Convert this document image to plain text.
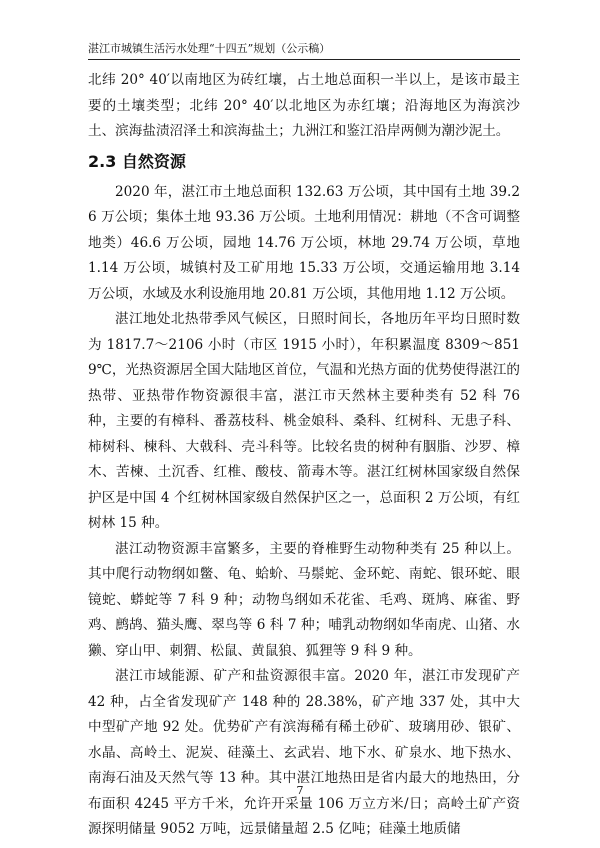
湛江市城镇生活污水处理“十四五”规划（公示稿）

北纬 20° 40′以南地区为砖红壤，占土地总面积一半以上，是该市最主要的土壤类型；北纬 20° 40′以北地区为赤红壤；沿海地区为海滨沙土、滨海盐渍沼泽土和滨海盐土；九洲江和鉴江沿岸两侧为潮沙泥土。

2.3 自然资源

2020 年，湛江市土地总面积 132.63 万公顷，其中国有土地 39.26 万公顷；集体土地 93.36 万公顷。土地利用情况：耕地（不含可调整地类）46.6 万公顷，园地 14.76 万公顷，林地 29.74 万公顷，草地 1.14 万公顷，城镇村及工矿用地 15.33 万公顷，交通运输用地 3.14 万公顷，水域及水利设施用地 20.81 万公顷，其他用地 1.12 万公顷。

湛江地处北热带季风气候区，日照时间长，各地历年平均日照时数为 1817.7～2106 小时（市区 1915 小时），年积累温度 8309～8519℃，光热资源居全国大陆地区首位，气温和光热方面的优势使得湛江的热带、亚热带作物资源很丰富，湛江市天然林主要种类有 52 科 76 种，主要的有樟科、番荔枝科、桃金娘科、桑科、红树科、无患子科、柿树科、楝科、大戟科、壳斗科等。比较名贵的树种有胭脂、沙罗、樟木、苦楝、土沉香、红椎、酸枝、箭毒木等。湛江红树林国家级自然保护区是中国 4 个红树林国家级自然保护区之一，总面积 2 万公顷，有红树林 15 种。

湛江动物资源丰富繁多，主要的脊椎野生动物种类有 25 种以上。其中爬行动物纲如鳖、龟、蛤蚧、马鬃蛇、金环蛇、南蛇、银环蛇、眼镜蛇、蟒蛇等 7 科 9 种；动物鸟纲如禾花雀、毛鸡、斑鸠、麻雀、野鸡、鹧鸪、猫头鹰、翠鸟等 6 科 7 种；哺乳动物纲如华南虎、山猪、水獭、穿山甲、刺猬、松鼠、黄鼠狼、狐狸等 9 科 9 种。

湛江市域能源、矿产和盐资源很丰富。2020 年，湛江市发现矿产 42 种，占全省发现矿产 148 种的 28.38%，矿产地 337 处，其中大中型矿产地 92 处。优势矿产有滨海稀有稀土砂矿、玻璃用砂、银矿、水晶、高岭土、泥炭、硅藻土、玄武岩、地下水、矿泉水、地下热水、南海石油及天然气等 13 种。其中湛江地热田是省内最大的地热田，分布面积 4245 平方千米，允许开采量 106 万立方米/日；高岭土矿产资源探明储量 9052 万吨，远景储量超 2.5 亿吨；硅藻土地质储

7
